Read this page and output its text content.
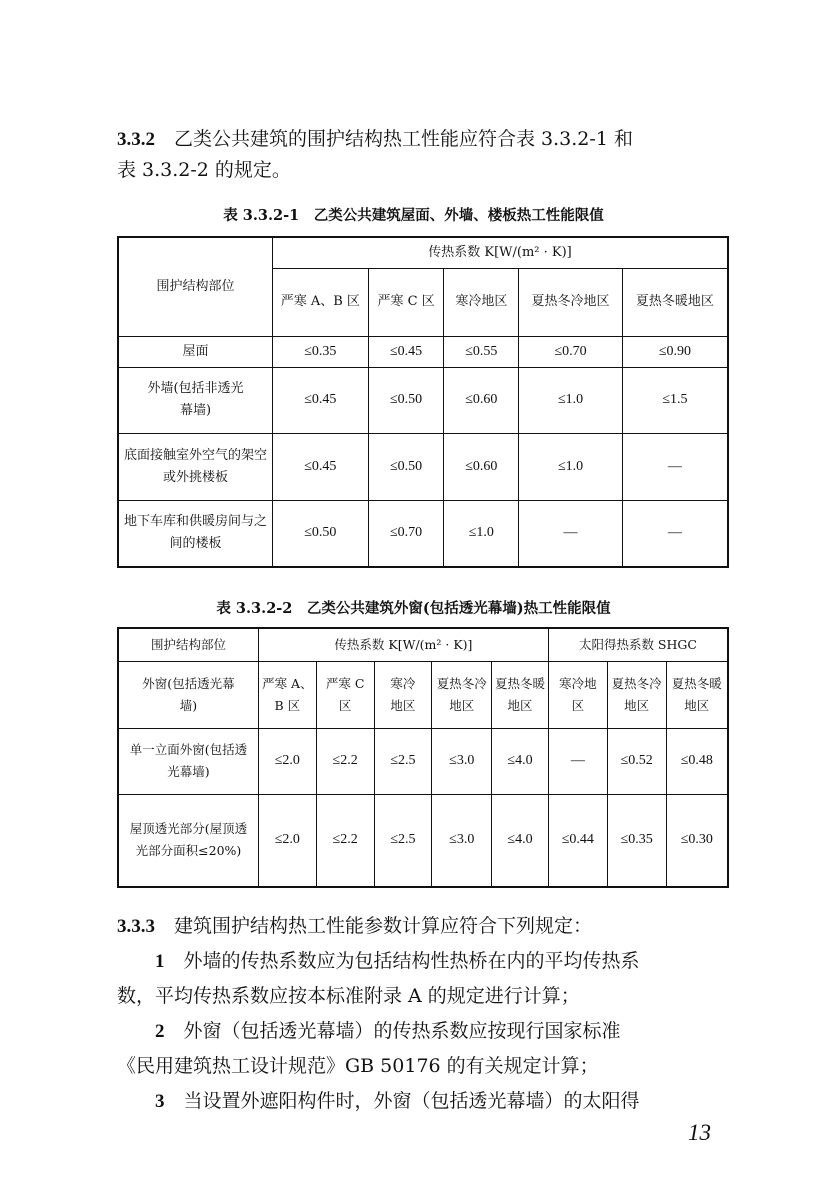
3.3.2　 乙类公共建筑的围护结构热工性能应符合表 3.3.2-1 和
表 3.3.2-2 的规定。
表 3.3.2-1　乙类公共建筑屋面、外墙、楼板热工性能限值
围护结构部位	传热系数 K[W/(m² · K)]				
	严寒 A、B 区	严寒 C 区	寒冷地区	夏热冬冷地区	夏热冬暖地区
屋面	≤0.35	≤0.45	≤0.55	≤0.70	≤0.90
外墙(包括非透光幕墙)	≤0.45	≤0.50	≤0.60	≤1.0	≤1.5
底面接触室外空气的架空或外挑楼板	≤0.45	≤0.50	≤0.60	≤1.0	—
地下车库和供暖房间与之间的楼板	≤0.50	≤0.70	≤1.0	—	—
表 3.3.2-2　乙类公共建筑外窗(包括透光幕墙)热工性能限值
围护结构部位	传热系数 K[W/(m² · K)]					太阳得热系数 SHGC		
外窗(包括透光幕墙)	严寒 A、B 区	严寒 C 区	寒冷地区	夏热冬冷地区	夏热冬暖地区	寒冷地区	夏热冬冷地区	夏热冬暖地区
单一立面外窗(包括透光幕墙)	≤2.0	≤2.2	≤2.5	≤3.0	≤4.0	—	≤0.52	≤0.48
屋顶透光部分(屋顶透光部分面积≤20%)	≤2.0	≤2.2	≤2.5	≤3.0	≤4.0	≤0.44	≤0.35	≤0.30
3.3.3　 建筑围护结构热工性能参数计算应符合下列规定：
1　 外墙的传热系数应为包括结构性热桥在内的平均传热系
数，平均传热系数应按本标准附录 A 的规定进行计算；
2　 外窗（包括透光幕墙）的传热系数应按现行国家标准
《民用建筑热工设计规范》GB 50176 的有关规定计算；
3　 当设置外遮阳构件时，外窗（包括透光幕墙）的太阳得
13
